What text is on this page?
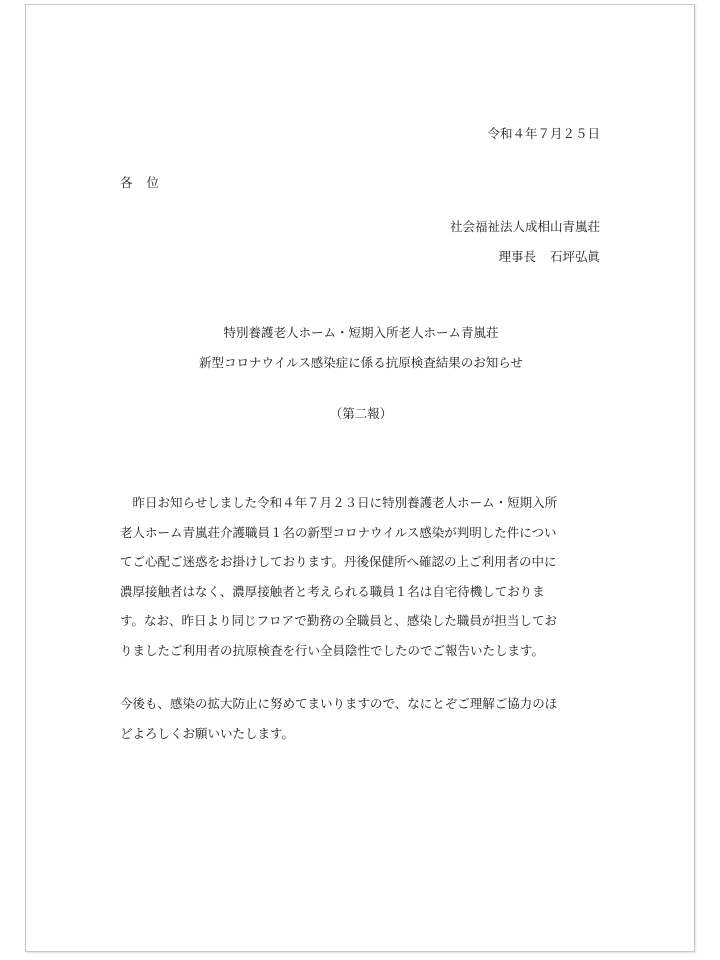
令和４年７月２５日
各 位
社会福祉法人成相山青嵐荘
理事長 石坪弘眞
特別養護老人ホーム・短期入所老人ホーム青嵐荘
新型コロナウイルス感染症に係る抗原検査結果のお知らせ
（第二報）
　昨日お知らせしました令和４年７月２３日に特別養護老人ホーム・短期入所
老人ホーム青嵐荘介護職員１名の新型コロナウイルス感染が判明した件につい
てご心配ご迷惑をお掛けしております。丹後保健所へ確認の上ご利用者の中に
濃厚接触者はなく、濃厚接触者と考えられる職員１名は自宅待機しておりま
す。なお、昨日より同じフロアで勤務の全職員と、感染した職員が担当してお
りましたご利用者の抗原検査を行い全員陰性でしたのでご報告いたします。
今後も、感染の拡大防止に努めてまいりますので、なにとぞご理解ご協力のほ
どよろしくお願いいたします。
